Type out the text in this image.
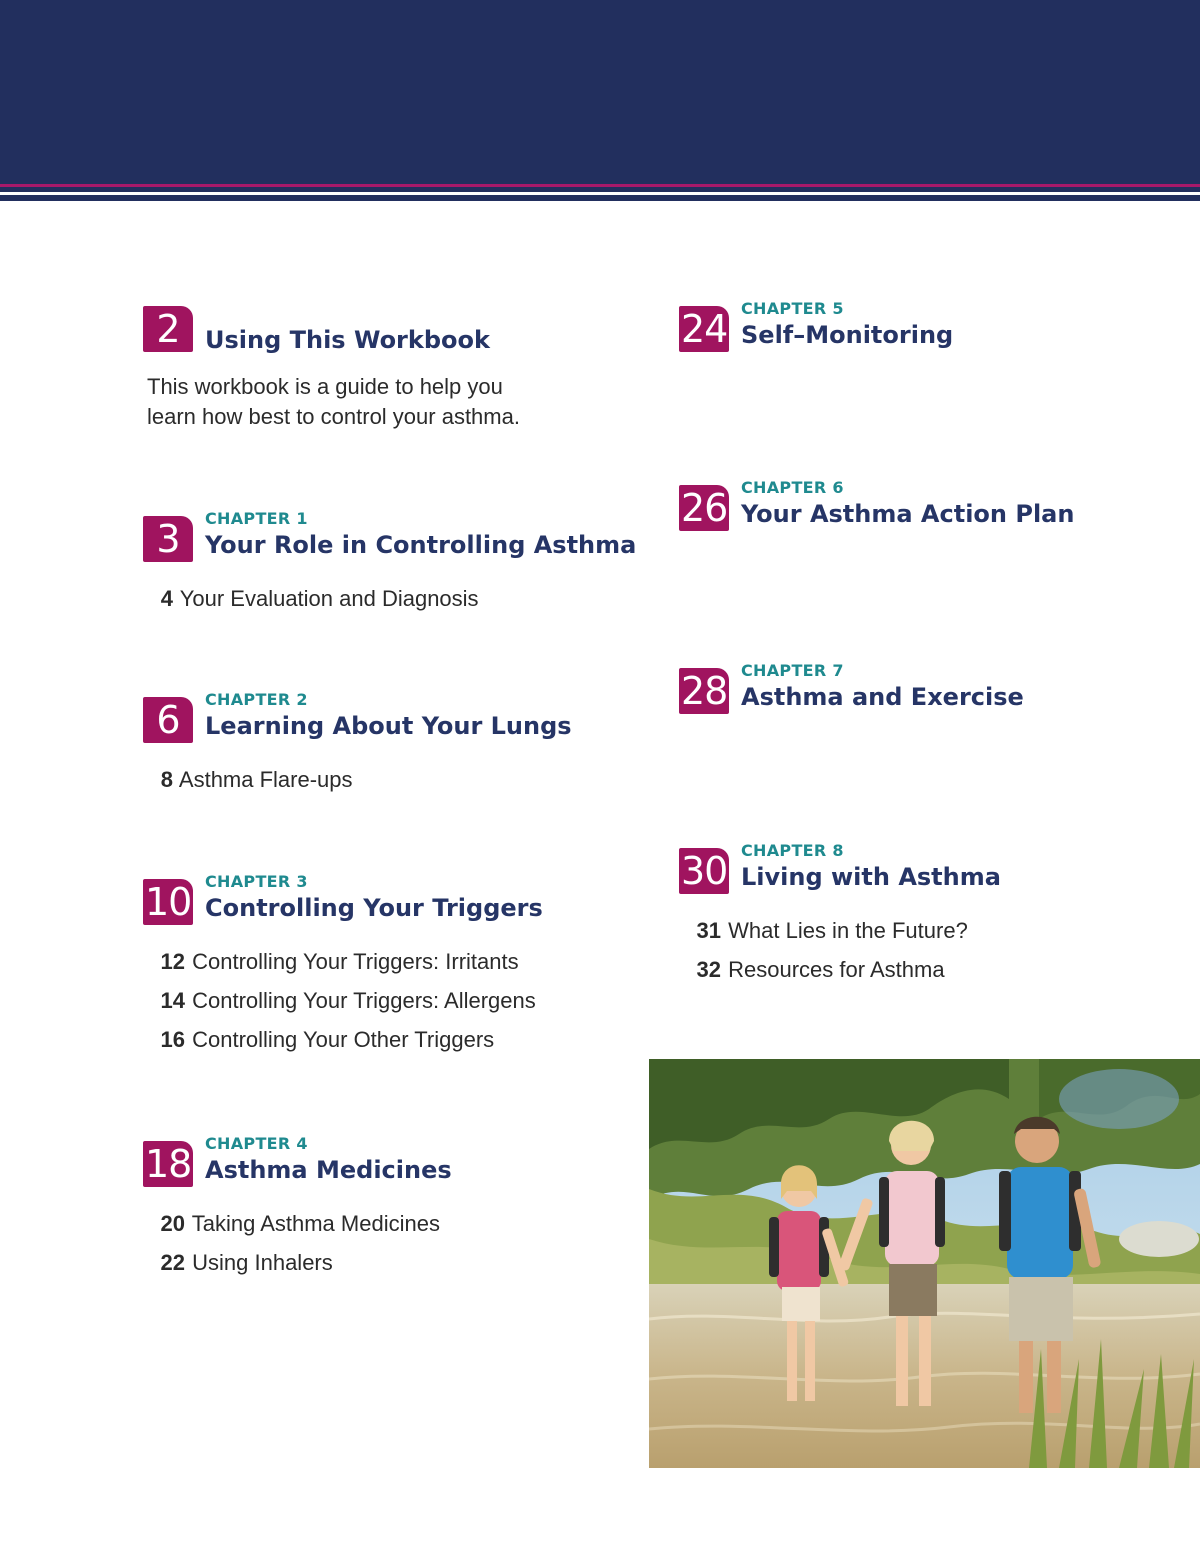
2	Using This Workbook
This workbook is a guide to help you
learn how best to control your asthma.
3	CHAPTER 1
Your Role in Controlling Asthma
4 Your Evaluation and Diagnosis
6	CHAPTER 2
Learning About Your Lungs
8 Asthma Flare-ups
10 CHAPTER 3
Controlling Your Triggers
12 Controlling Your Triggers: Irritants
14 Controlling Your Triggers: Allergens
16 Controlling Your Other Triggers
18 CHAPTER 4
Asthma Medicines
20 Taking Asthma Medicines
22 Using Inhalers
24 CHAPTER 5
Self–Monitoring
26 CHAPTER 6
Your Asthma Action Plan
28 CHAPTER 7
Asthma and Exercise
30 CHAPTER 8
Living with Asthma
31 What Lies in the Future?
32 Resources for Asthma
